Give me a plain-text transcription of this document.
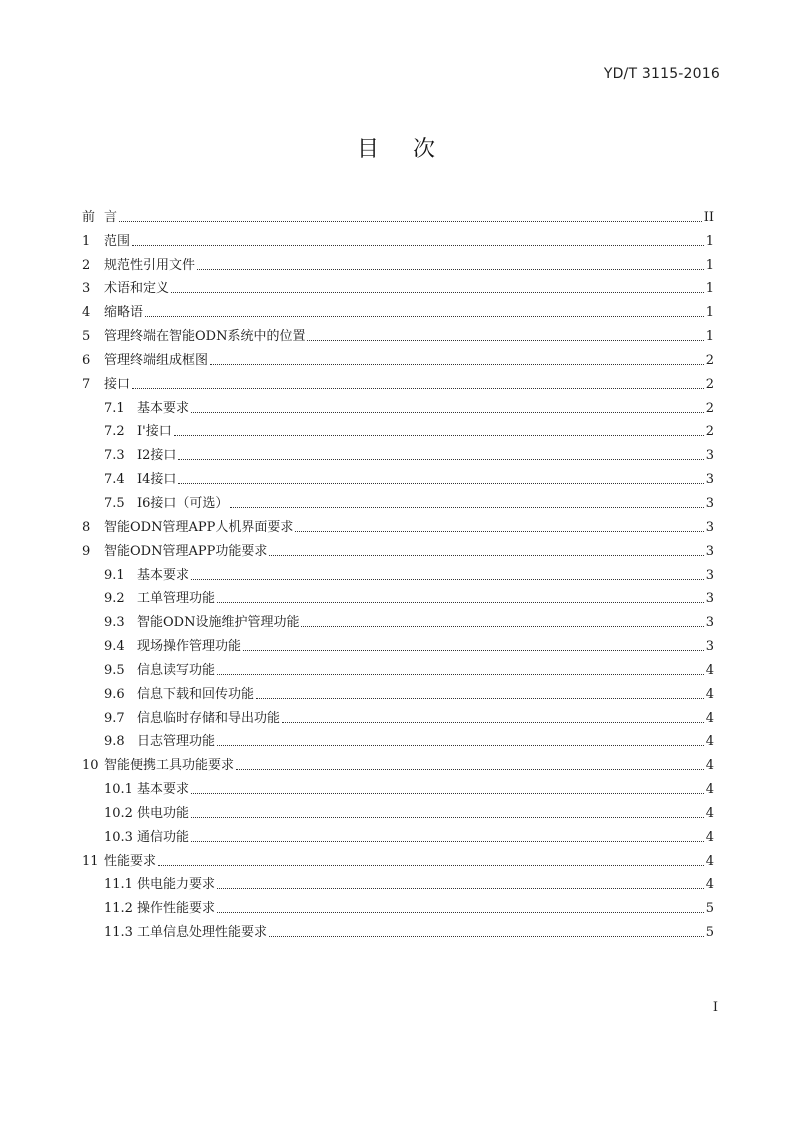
YD/T 3115-2016
目次
前 言	II
1	范围	1
2	规范性引用文件	1
3	术语和定义	1
4	缩略语	1
5	管理终端在智能ODN系统中的位置	1
6	管理终端组成框图	2
7	接口	2
7.1 基本要求	2
7.2 I'接口	2
7.3 I2接口	3
7.4 I4接口	3
7.5 I6接口（可选）	3
8	智能ODN管理APP人机界面要求	3
9	智能ODN管理APP功能要求	3
9.1 基本要求	3
9.2 工单管理功能	3
9.3 智能ODN设施维护管理功能	3
9.4 现场操作管理功能	3
9.5 信息读写功能	4
9.6 信息下载和回传功能	4
9.7 信息临时存储和导出功能	4
9.8 日志管理功能	4
10 智能便携工具功能要求	4
10.1 基本要求	4
10.2 供电功能	4
10.3 通信功能	4
11 性能要求	4
11.1 供电能力要求	4
11.2 操作性能要求	5
11.3 工单信息处理性能要求	5
I
